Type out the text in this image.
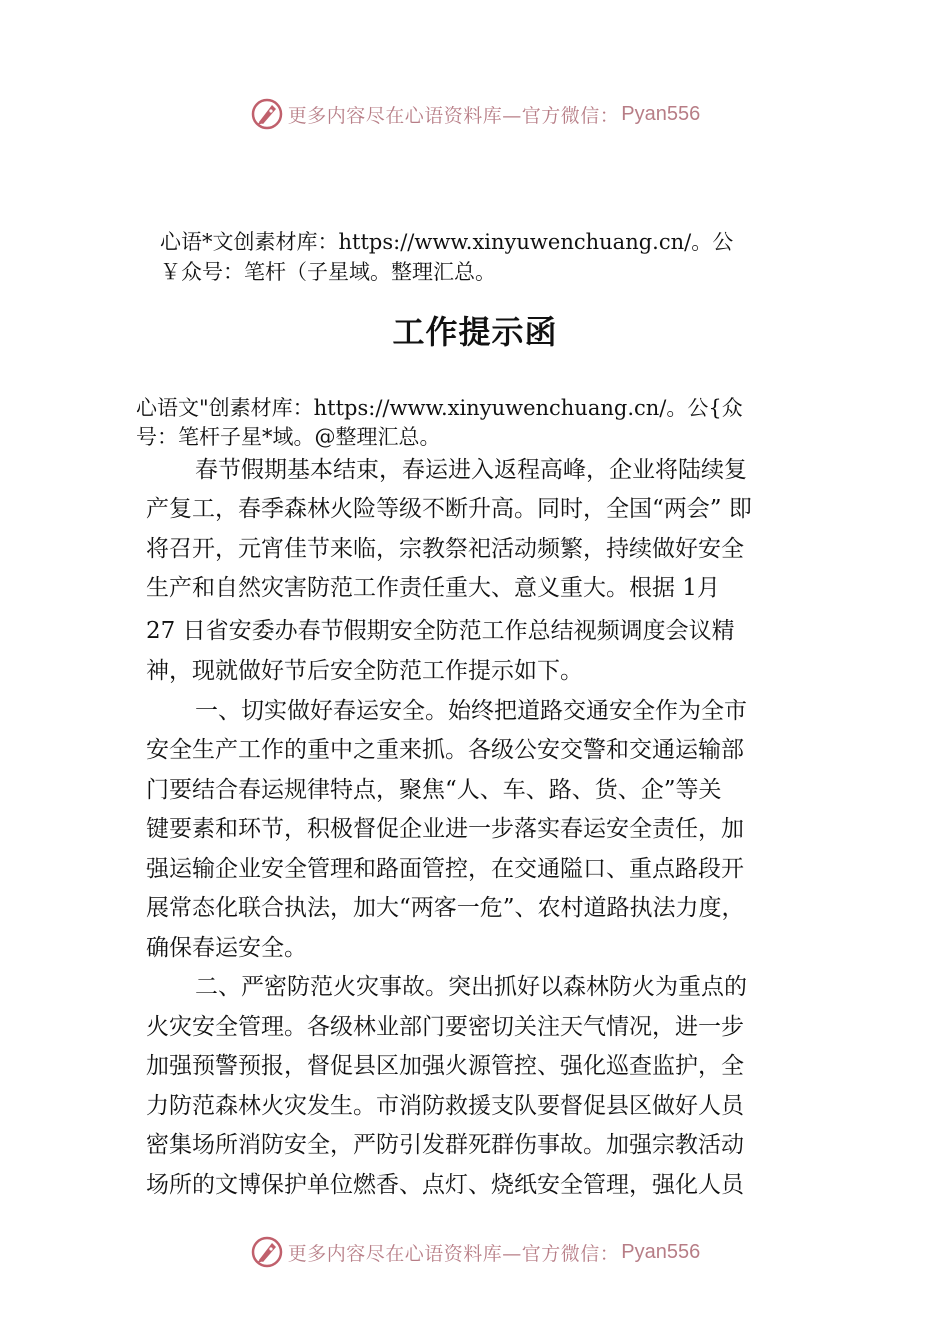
更多内容尽在心语资料库—官方微信： Pyan556
心语*文创素材库：https://www.xinyuwenchuang.cn/。公
￥众号：笔杆（子星域。整理汇总。
工作提示函
心语文"创素材库：https://www.xinyuwenchuang.cn/。公{众
号：笔杆子星*域。@整理汇总。
春节假期基本结束，春运进入返程高峰，企业将陆续复
产复工，春季森林火险等级不断升高。同时，全国“两会” 即
将召开，元宵佳节来临，宗教祭祀活动频繁，持续做好安全
生产和自然灾害防范工作责任重大、意义重大。根据 1月
27 日省安委办春节假期安全防范工作总结视频调度会议精
神，现就做好节后安全防范工作提示如下。
一、切实做好春运安全。始终把道路交通安全作为全市
安全生产工作的重中之重来抓。各级公安交警和交通运输部
门要结合春运规律特点，聚焦“人、车、路、货、企”等关
键要素和环节，积极督促企业进一步落实春运安全责任，加
强运输企业安全管理和路面管控，在交通隘口、重点路段开
展常态化联合执法，加大“两客一危”、农村道路执法力度，
确保春运安全。
二、严密防范火灾事故。突出抓好以森林防火为重点的
火灾安全管理。各级林业部门要密切关注天气情况，进一步
加强预警预报，督促县区加强火源管控、强化巡查监护，全
力防范森林火灾发生。市消防救援支队要督促县区做好人员
密集场所消防安全，严防引发群死群伤事故。加强宗教活动
场所的文博保护单位燃香、点灯、烧纸安全管理，强化人员
更多内容尽在心语资料库—官方微信： Pyan556
